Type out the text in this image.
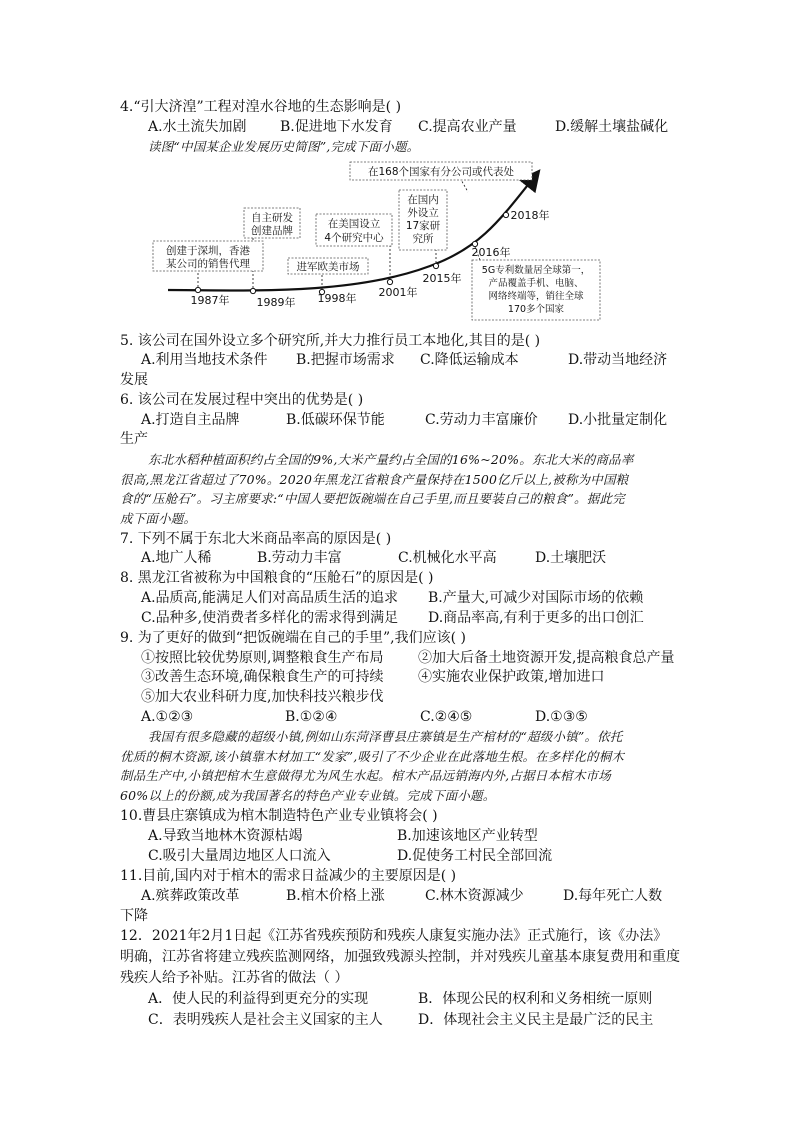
4.“引大济湟”工程对湟水谷地的生态影响是( )
A.水土流失加剧 B.促进地下水发育 C.提高农业产量	D.缓解土壤盐碱化
读图“中国某企业发展历史简图”,完成下面小题。
在168个国家有分公司或代表处
自主研发
创建品牌
创建于深圳，香港
某公司的销售代理	进军欧美市场
在美国设立
4个研究中心
在国内
外设立
17家研
究所
5G专利数量居全球第一，
产品覆盖手机、电脑、
网络终端等，销往全球
170多个国家
1987年 1989年 1998年 2001年
2015年
2016年
2018年
5. 该公司在国外设立多个研究所,并大力推行员工本地化,其目的是( )
A.利用当地技术条件 B.把握市场需求 C.降低运输成本	D.带动当地经济
发展
6. 该公司在发展过程中突出的优势是( )
A.打造自主品牌	B.低碳环保节能	C.劳动力丰富廉价 D.小批量定制化
生产
东北水稻种植面积约占全国的9%,大米产量约占全国的16%~20%。东北大米的商品率
很高,黑龙江省超过了70%。2020年黑龙江省粮食产量保持在1500亿斤以上,被称为中国粮
食的“压舱石”。习主席要求:“中国人要把饭碗端在自己手里,而且要装自己的粮食”。据此完
成下面小题。
7. 下列不属于东北大米商品率高的原因是( )
A.地广人稀	B.劳动力丰富	C.机械化水平高	D.土壤肥沃
8. 黑龙江省被称为中国粮食的“压舱石”的原因是( )
A.品质高,能满足人们对高品质生活的追求 B.产量大,可减少对国际市场的依赖
C.品种多,使消费者多样化的需求得到满足 D.商品率高,有利于更多的出口创汇
9. 为了更好的做到“把饭碗端在自己的手里”,我们应该( )
①按照比较优势原则,调整粮食生产布局 ②加大后备土地资源开发,提高粮食总产量
③改善生态环境,确保粮食生产的可持续 ④实施农业保护政策,增加进口
⑤加大农业科研力度,加快科技兴粮步伐
A.①②③	B.①②④	C.②④⑤	D.①③⑤
我国有很多隐藏的超级小镇,例如山东菏泽曹县庄寨镇是生产棺材的“超级小镇”。依托
优质的桐木资源,该小镇靠木材加工“发家”,吸引了不少企业在此落地生根。在多样化的桐木
制品生产中,小镇把棺木生意做得尤为风生水起。棺木产品远销海内外,占据日本棺木市场
60%以上的份额,成为我国著名的特色产业专业镇。完成下面小题。
10.曹县庄寨镇成为棺木制造特色产业专业镇将会( )
A.导致当地林木资源枯竭	B.加速该地区产业转型
C.吸引大量周边地区人口流入	D.促使务工村民全部回流
11.目前,国内对于棺木的需求日益减少的主要原因是( )
A.殡葬政策改革	B.棺木价格上涨	C.林木资源减少	D.每年死亡人数
下降
12．2021年2月1日起《江苏省残疾预防和残疾人康复实施办法》正式施行，该《办法》
明确，江苏省将建立残疾监测网络，加强致残源头控制，并对残疾儿童基本康复费用和重度
残疾人给予补贴。江苏省的做法（ ）
A．使人民的利益得到更充分的实现	B．体现公民的权利和义务相统一原则
C．表明残疾人是社会主义国家的主人	D．体现社会主义民主是最广泛的民主
